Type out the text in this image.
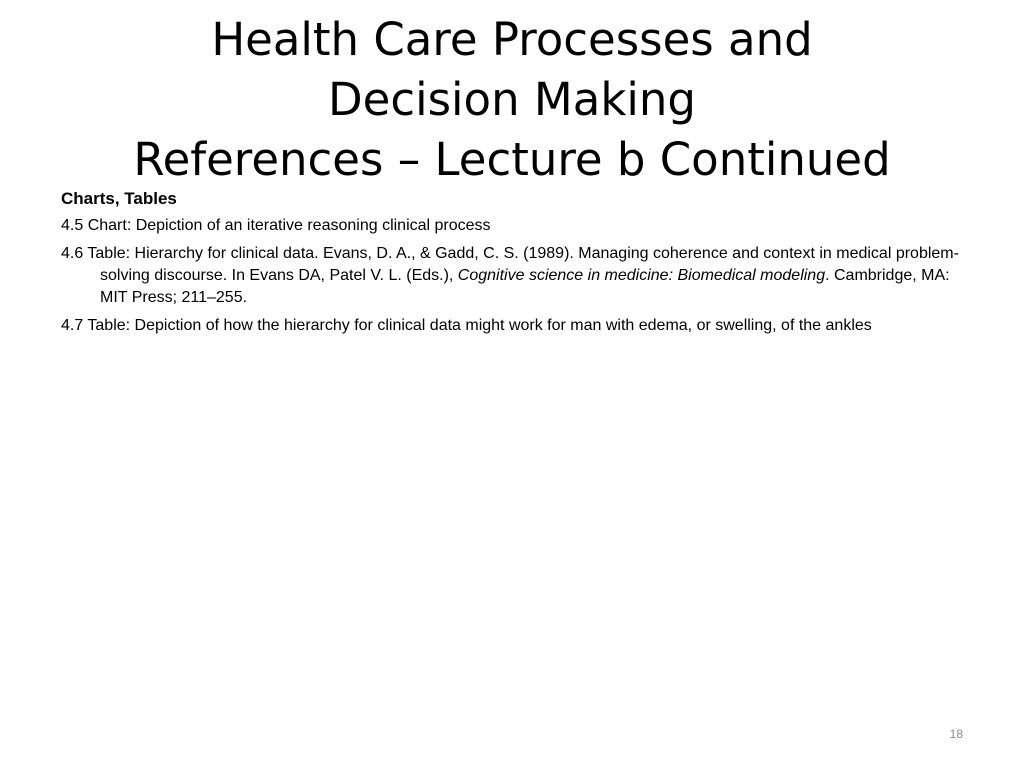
Health Care Processes and
Decision Making
References – Lecture b Continued
Charts, Tables

4.5 Chart: Depiction of an iterative reasoning clinical process

4.6 Table: Hierarchy for clinical data. Evans, D. A., & Gadd, C. S. (1989). Managing coherence and context in medical problem-solving discourse. In Evans DA, Patel V. L. (Eds.), Cognitive science in medicine: Biomedical modeling. Cambridge, MA: MIT Press; 211–255.

4.7 Table: Depiction of how the hierarchy for clinical data might work for man with edema, or swelling, of the ankles

18
